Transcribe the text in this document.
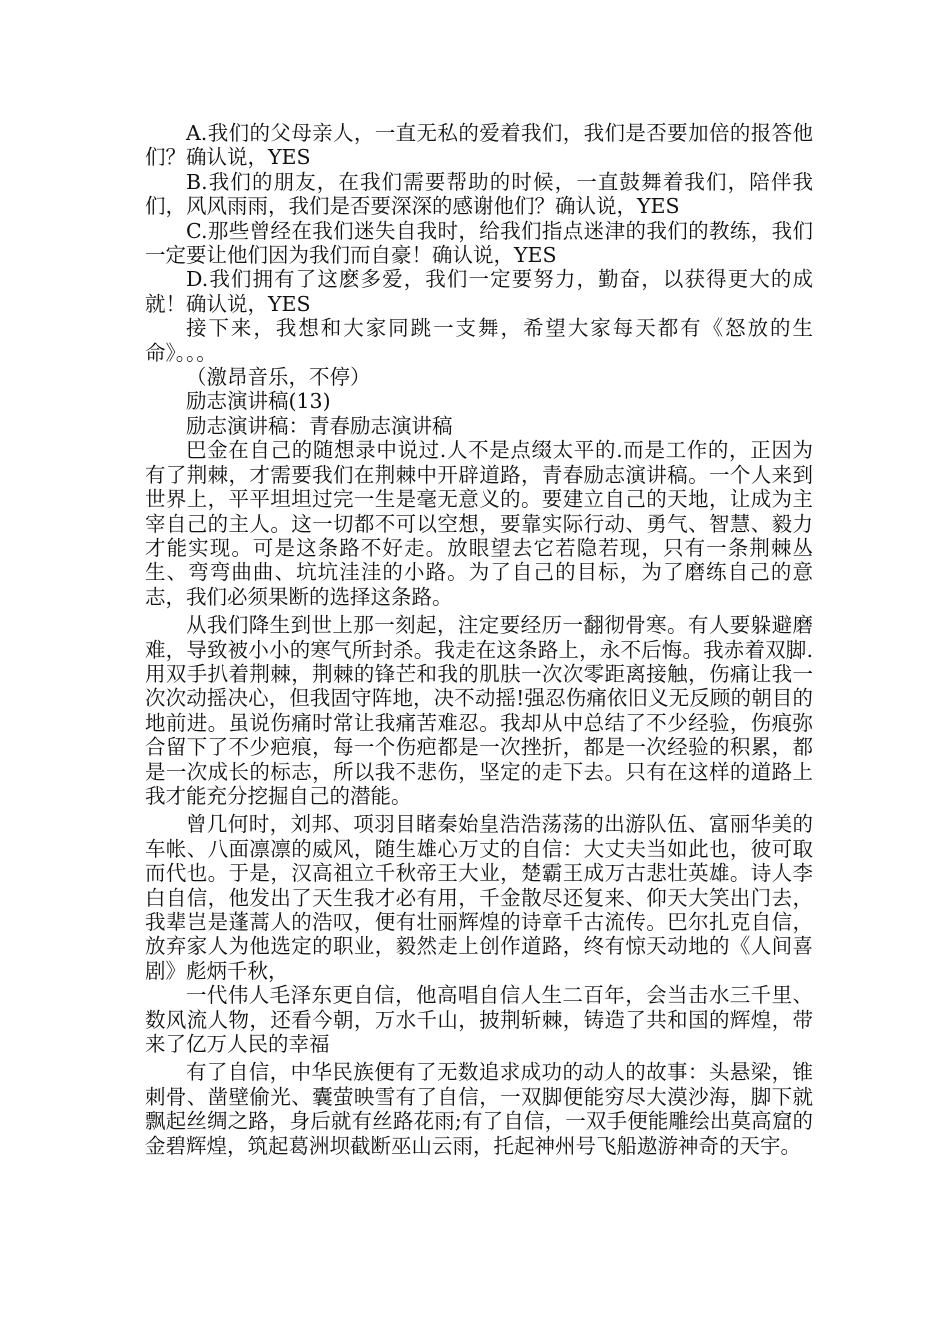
A.我们的父母亲人，一直无私的爱着我们，我们是否要加倍的报答他们？确认说，YES

B.我们的朋友，在我们需要帮助的时候，一直鼓舞着我们，陪伴我们，风风雨雨，我们是否要深深的感谢他们？确认说，YES

C.那些曾经在我们迷失自我时，给我们指点迷津的我们的教练，我们一定要让他们因为我们而自豪！确认说，YES

D.我们拥有了这麽多爱，我们一定要努力，勤奋，以获得更大的成就！确认说，YES

接下来，我想和大家同跳一支舞，希望大家每天都有《怒放的生命》。。。

（激昂音乐，不停）

励志演讲稿(13)

励志演讲稿：青春励志演讲稿

巴金在自己的随想录中说过.人不是点缀太平的.而是工作的，正因为有了荆棘，才需要我们在荆棘中开辟道路，青春励志演讲稿。一个人来到世界上，平平坦坦过完一生是毫无意义的。要建立自己的天地，让成为主宰自己的主人。这一切都不可以空想，要靠实际行动、勇气、智慧、毅力才能实现。可是这条路不好走。放眼望去它若隐若现，只有一条荆棘丛生、弯弯曲曲、坑坑洼洼的小路。为了自己的目标，为了磨练自己的意志，我们必须果断的选择这条路。

从我们降生到世上那一刻起，注定要经历一翻彻骨寒。有人要躲避磨难，导致被小小的寒气所封杀。我走在这条路上，永不后悔。我赤着双脚.用双手扒着荆棘，荆棘的锋芒和我的肌肤一次次零距离接触，伤痛让我一次次动摇决心，但我固守阵地，决不动摇!强忍伤痛依旧义无反顾的朝目的地前进。虽说伤痛时常让我痛苦难忍。我却从中总结了不少经验，伤痕弥合留下了不少疤痕，每一个伤疤都是一次挫折，都是一次经验的积累，都是一次成长的标志，所以我不悲伤，坚定的走下去。只有在这样的道路上我才能充分挖掘自己的潜能。

曾几何时，刘邦、项羽目睹秦始皇浩浩荡荡的出游队伍、富丽华美的车帐、八面凛凛的威风，随生雄心万丈的自信：大丈夫当如此也，彼可取而代也。于是，汉高祖立千秋帝王大业，楚霸王成万古悲壮英雄。诗人李白自信，他发出了天生我才必有用，千金散尽还复来、仰天大笑出门去，我辈岂是蓬蒿人的浩叹，便有壮丽辉煌的诗章千古流传。巴尔扎克自信，放弃家人为他选定的职业，毅然走上创作道路，终有惊天动地的《人间喜剧》彪炳千秋，

一代伟人毛泽东更自信，他高唱自信人生二百年，会当击水三千里、数风流人物，还看今朝，万水千山，披荆斩棘，铸造了共和国的辉煌，带来了亿万人民的幸福

有了自信，中华民族便有了无数追求成功的动人的故事：头悬梁，锥刺骨、凿壁偷光、囊萤映雪有了自信，一双脚便能穷尽大漠沙海，脚下就飘起丝绸之路，身后就有丝路花雨;有了自信，一双手便能雕绘出莫高窟的金碧辉煌，筑起葛洲坝截断巫山云雨，托起神州号飞船遨游神奇的天宇。
